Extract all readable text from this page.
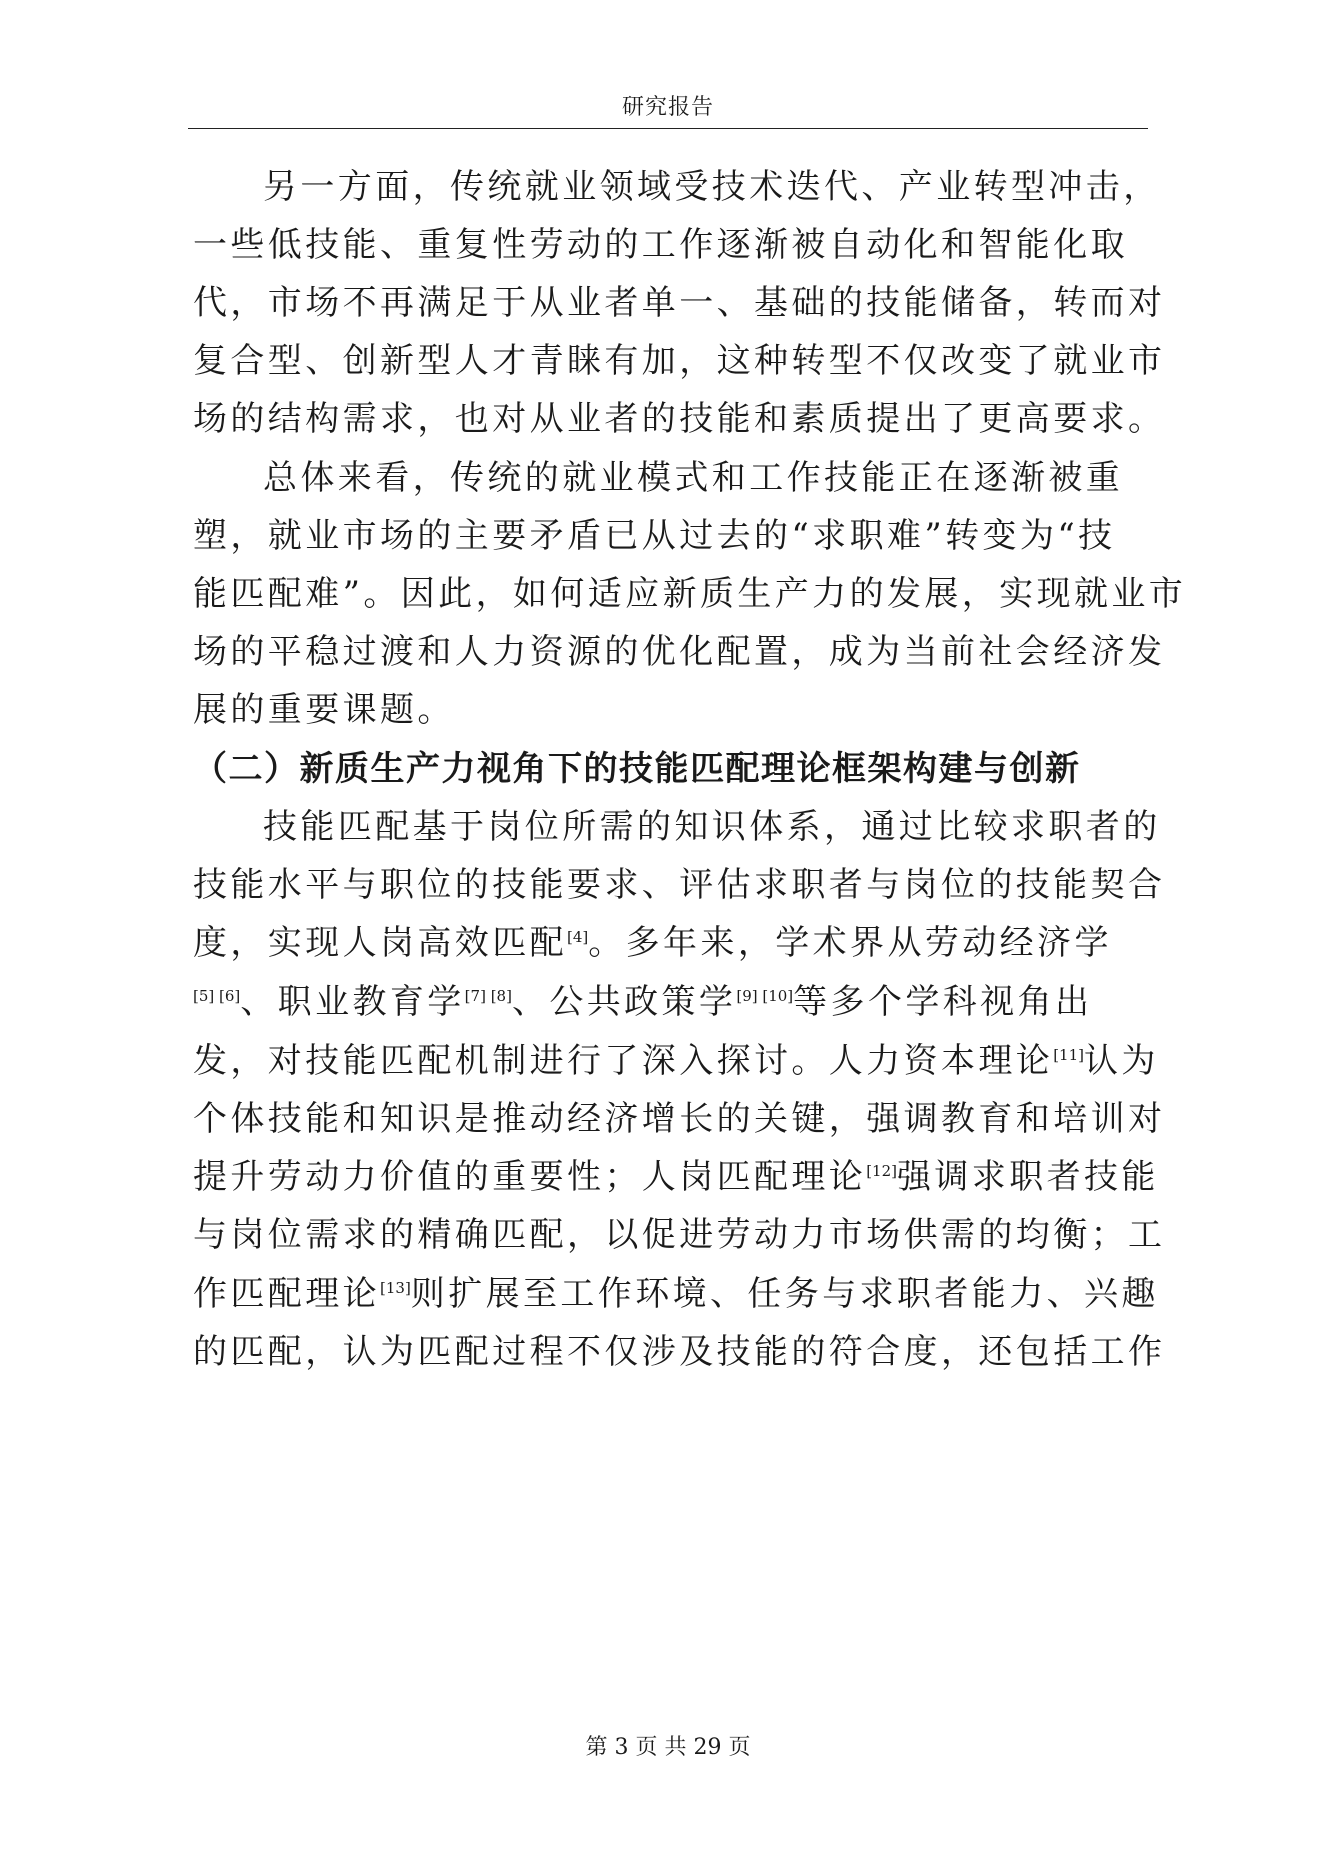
研究报告
另一方面，传统就业领域受技术迭代、产业转型冲击，
一些低技能、重复性劳动的工作逐渐被自动化和智能化取
代，市场不再满足于从业者单一、基础的技能储备，转而对
复合型、创新型人才青睐有加，这种转型不仅改变了就业市
场的结构需求，也对从业者的技能和素质提出了更高要求。
总体来看，传统的就业模式和工作技能正在逐渐被重
塑，就业市场的主要矛盾已从过去的“求职难”转变为“技
能匹配难”。因此，如何适应新质生产力的发展，实现就业市
场的平稳过渡和人力资源的优化配置，成为当前社会经济发
展的重要课题。
（二）新质生产力视角下的技能匹配理论框架构建与创新
技能匹配基于岗位所需的知识体系，通过比较求职者的
技能水平与职位的技能要求、评估求职者与岗位的技能契合
度，实现人岗高效匹配[4]。多年来，学术界从劳动经济学
[5] [6]、职业教育学[7] [8]、公共政策学[9] [10]等多个学科视角出
发，对技能匹配机制进行了深入探讨。人力资本理论[11]认为
个体技能和知识是推动经济增长的关键，强调教育和培训对
提升劳动力价值的重要性；人岗匹配理论[12]强调求职者技能
与岗位需求的精确匹配，以促进劳动力市场供需的均衡；工
作匹配理论[13]则扩展至工作环境、任务与求职者能力、兴趣
的匹配，认为匹配过程不仅涉及技能的符合度，还包括工作
第 3 页 共 29 页
